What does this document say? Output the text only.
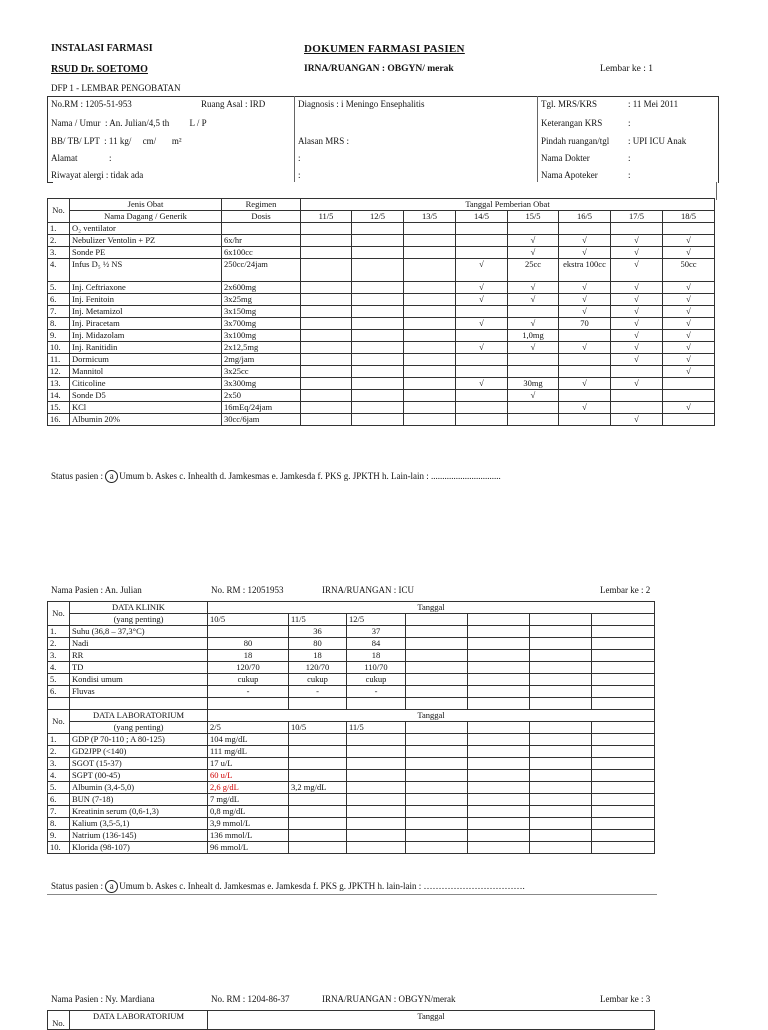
INSTALASI FARMASI
RSUD Dr. SOETOMO
DOKUMEN FARMASI PASIEN
IRNA/RUANGAN : OBGYN/ merak	Lembar ke : 1
DFP 1 - LEMBAR PENGOBATAN
No.RM : 1205-51-953	Ruang Asal : IRD	Diagnosis : i Meningo Ensephalitis	Tgl. MRS/KRS	: 11 Mei 2011
Nama / Umur  : An. Julian/4,5 th         L / P	Keterangan KRS	:
BB/ TB/ LPT  : 11 kg/     cm/       m²	Alasan MRS :	Pindah ruangan/tgl : UPI ICU Anak
Alamat              :	:	Nama Dokter	:
Riwayat alergi : tidak ada	:	Nama Apoteker	:
No.	Jenis Obat	Regimen	Tanggal Pemberian Obat							
	Nama Dagang / Generik	Dosis	11/5	12/5	13/5	14/5	15/5	16/5	17/5	18/5
1.	O₂ ventilator									
2.	Nebulizer Ventolin + PZ	6x/hr					√	√	√	√
3.	Sonde PE	6x100cc					√	√	√	√
4.	Infus D₅ ½ NS	250cc/24jam				√	25cc	ekstra 100cc	√	50cc
5.	Inj. Ceftriaxone	2x600mg				√	√	√	√	√
6.	Inj. Fenitoin	3x25mg				√	√	√	√	√
7.	Inj. Metamizol	3x150mg						√	√	√
8.	Inj. Piracetam	3x700mg				√	√	70	√	√
9.	Inj. Midazolam	3x100mg					1,0mg		√	√
10.	Inj. Ranitidin	2x12,5mg				√	√	√	√	√
11.	Dormicum	2mg/jam							√	√
12.	Mannitol	3x25cc								√
13.	Citicoline	3x300mg				√	30mg	√	√	
14.	Sonde D5	2x50					√			
15.	KCl	16mEq/24jam						√		√
16.	Albumin 20%	30cc/6jam							√	
Status pasien : a Umum b. Askes c. Inhealth d. Jamkesmas e. Jamkesda f. PKS g. JPKTH h. Lain-lain : ...............................
Nama Pasien : An. Julian	No. RM : 12051953	IRNA/RUANGAN : ICU	Lembar ke : 2
No.	DATA KLINIK	Tanggal						
	(yang penting)	10/5	11/5	12/5				
1.	Suhu (36,8 – 37,3°C)		36	37				
2.	Nadi	80	80	84				
3.	RR	18	18	18				
4.	TD	120/70	120/70	110/70				
5.	Kondisi umum	cukup	cukup	cukup				
6.	Fluvas	-	-	-				

No.	DATA LABORATORIUM	Tanggal						
	(yang penting)	2/5	10/5	11/5				
1.	GDP (P 70-110 ; A 80-125)	104 mg/dL						
2.	GD2JPP (<140)	111 mg/dL						
3.	SGOT (15-37)	17 u/L						
4.	SGPT (00-45)	60 u/L						
5.	Albumin (3,4-5,0)	2,6 g/dL	3,2 mg/dL					
6.	BUN (7-18)	7 mg/dL						
7.	Kreatinin serum (0,6-1,3)	0,8 mg/dL						
8.	Kalium (3,5-5,1)	3,9 mmol/L						
9.	Natrium (136-145)	136 mmol/L						
10.	Klorida (98-107)	96 mmol/L						
Status pasien : a Umum b. Askes c. Inhealt d. Jamkesmas e. Jamkesda f. PKS g. JPKTH h. lain-lain : …………………………….
Nama Pasien : Ny. Mardiana	No. RM : 1204-86-37	IRNA/RUANGAN : OBGYN/merak	Lembar ke : 3
No.	DATA LABORATORIUM	Tanggal
